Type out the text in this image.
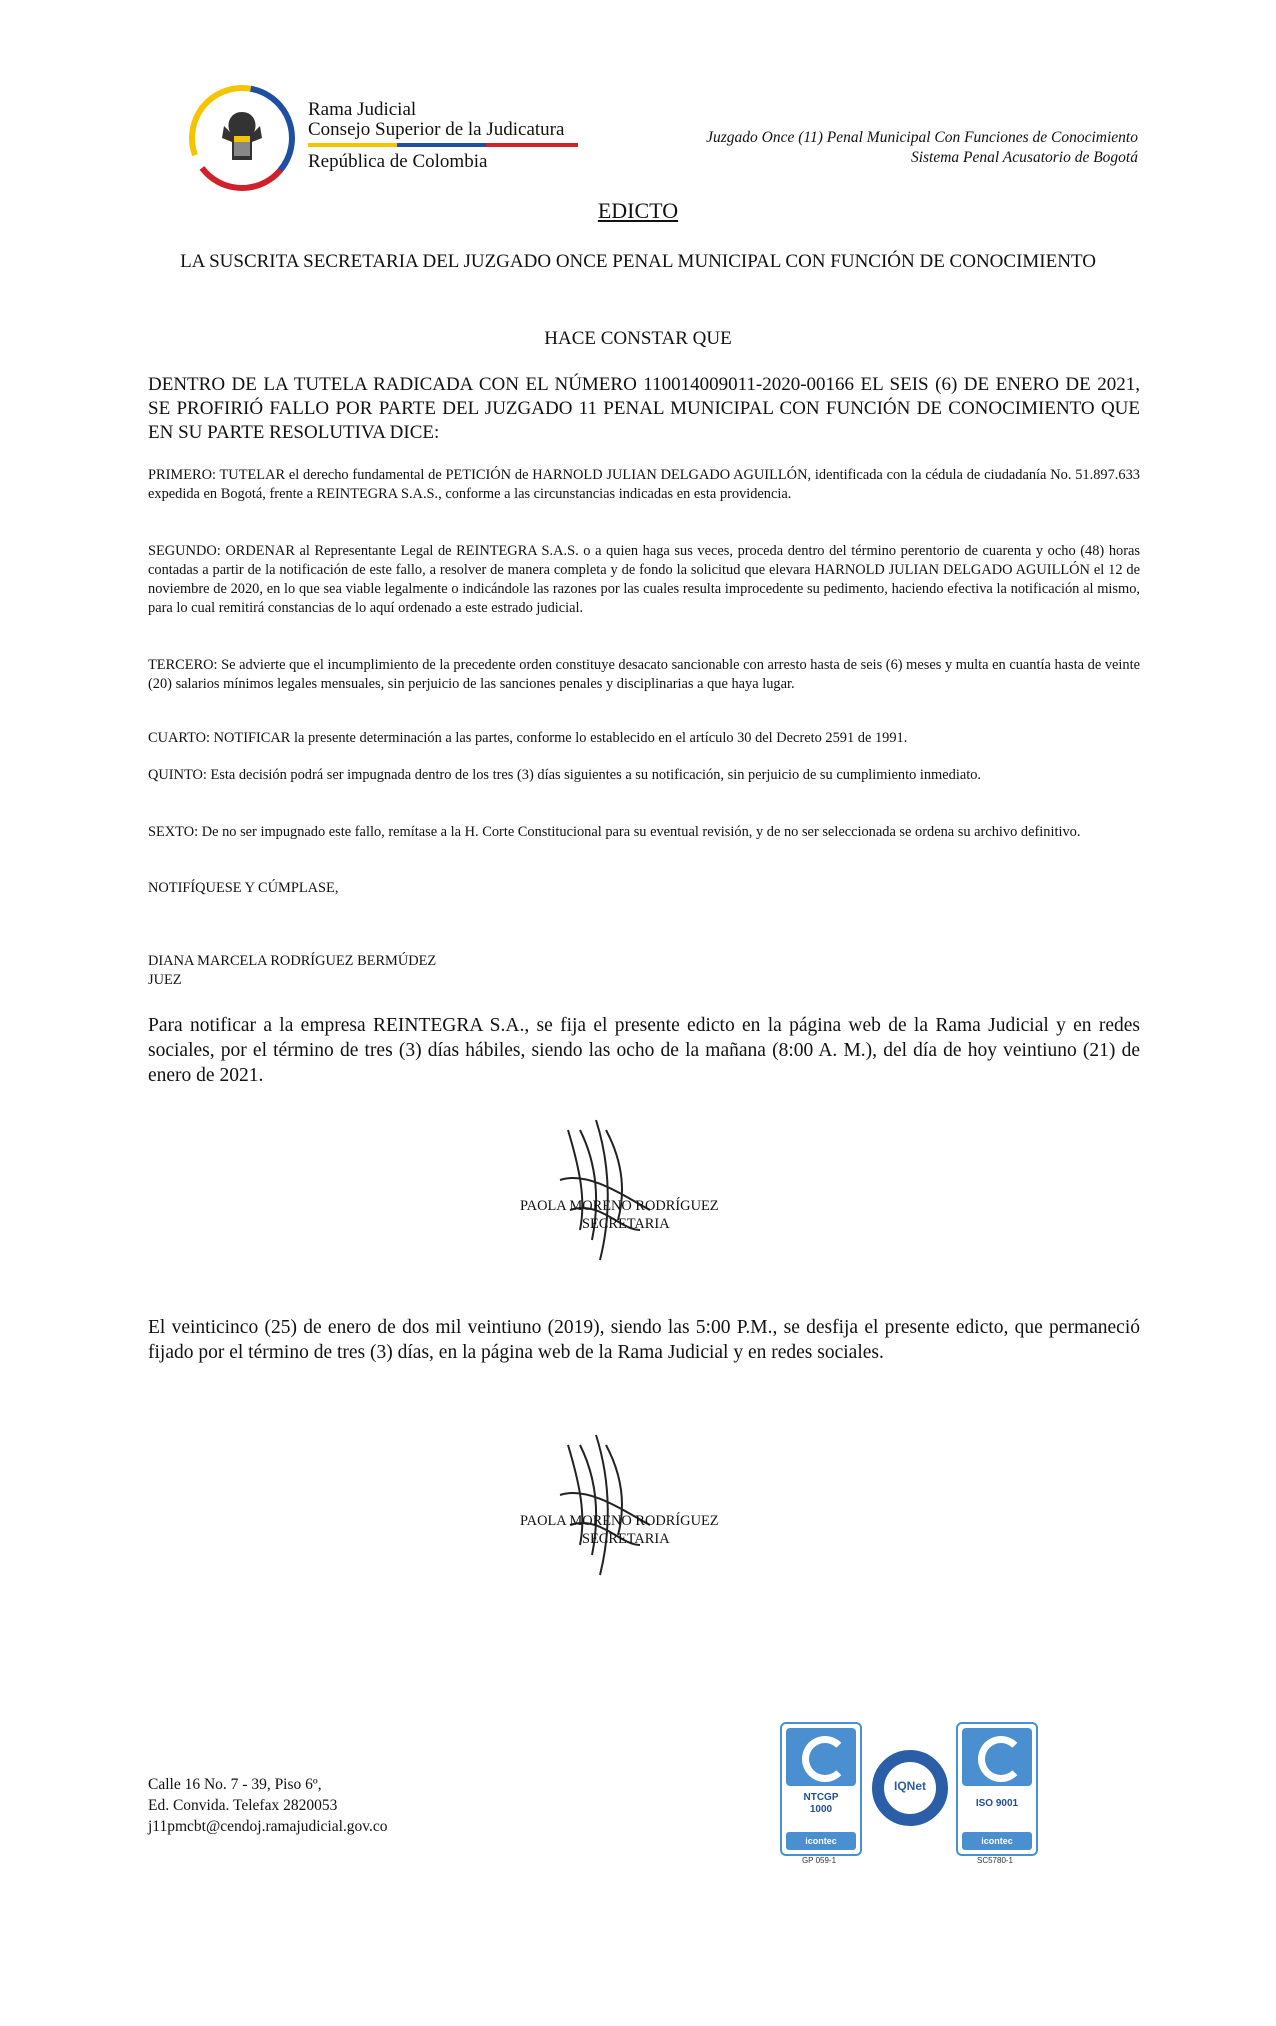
Rama Judicial
Consejo Superior de la Judicatura
República de Colombia
Juzgado Once (11) Penal Municipal Con Funciones de Conocimiento
Sistema Penal Acusatorio de Bogotá
EDICTO
LA SUSCRITA SECRETARIA DEL JUZGADO ONCE PENAL MUNICIPAL CON FUNCIÓN DE CONOCIMIENTO
HACE CONSTAR QUE
DENTRO DE LA TUTELA RADICADA CON EL NÚMERO 110014009011-2020-00166 EL SEIS (6) DE ENERO DE 2021, SE PROFIRIÓ FALLO POR PARTE DEL JUZGADO 11 PENAL MUNICIPAL CON FUNCIÓN DE CONOCIMIENTO QUE EN SU PARTE RESOLUTIVA DICE:
PRIMERO: TUTELAR el derecho fundamental de PETICIÓN de HARNOLD JULIAN DELGADO AGUILLÓN, identificada con la cédula de ciudadanía No. 51.897.633 expedida en Bogotá, frente a REINTEGRA S.A.S., conforme a las circunstancias indicadas en esta providencia.
SEGUNDO: ORDENAR al Representante Legal de REINTEGRA S.A.S. o a quien haga sus veces, proceda dentro del término perentorio de cuarenta y ocho (48) horas contadas a partir de la notificación de este fallo, a resolver de manera completa y de fondo la solicitud que elevara HARNOLD JULIAN DELGADO AGUILLÓN el 12 de noviembre de 2020, en lo que sea viable legalmente o indicándole las razones por las cuales resulta improcedente su pedimento, haciendo efectiva la notificación al mismo, para lo cual remitirá constancias de lo aquí ordenado a este estrado judicial.
TERCERO: Se advierte que el incumplimiento de la precedente orden constituye desacato sancionable con arresto hasta de seis (6) meses y multa en cuantía hasta de veinte (20) salarios mínimos legales mensuales, sin perjuicio de las sanciones penales y disciplinarias a que haya lugar.
CUARTO: NOTIFICAR la presente determinación a las partes, conforme lo establecido en el artículo 30 del Decreto 2591 de 1991.
QUINTO: Esta decisión podrá ser impugnada dentro de los tres (3) días siguientes a su notificación, sin perjuicio de su cumplimiento inmediato.
SEXTO: De no ser impugnado este fallo, remítase a la H. Corte Constitucional para su eventual revisión, y de no ser seleccionada se ordena su archivo definitivo.
NOTIFÍQUESE Y CÚMPLASE,
DIANA MARCELA RODRÍGUEZ BERMÚDEZ
JUEZ
Para notificar a la empresa REINTEGRA S.A., se fija el presente edicto en la página web de la Rama Judicial y en redes sociales, por el término de tres (3) días hábiles, siendo las ocho de la mañana (8:00 A. M.), del día de hoy veintiuno (21) de enero de 2021.
PAOLA MORENO RODRÍGUEZ
SECRETARIA
El veinticinco (25) de enero de dos mil veintiuno (2019), siendo las 5:00 P.M., se desfija el presente edicto, que permaneció fijado por el término de tres (3) días, en la página web de la Rama Judicial y en redes sociales.
PAOLA MORENO RODRÍGUEZ
SECRETARIA
Calle 16 No. 7 - 39, Piso 6º,
Ed. Convida. Telefax 2820053
j11pmcbt@cendoj.ramajudicial.gov.co
NTCGP
1000
icontec
GP 059-1
IQNet
ISO 9001
icontec
SC5780-1
